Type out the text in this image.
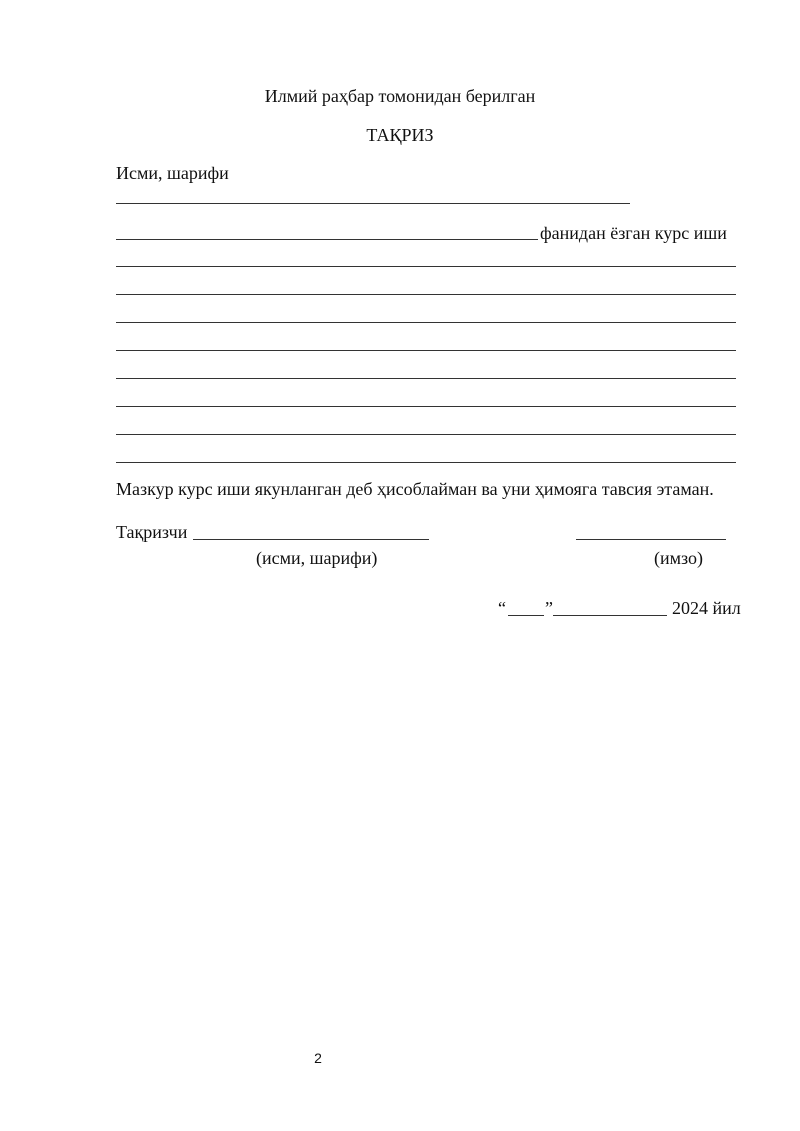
Илмий раҳбар томонидан берилган
ТАҚРИЗ
Исми, шарифи
фанидан ёзган курс иши
Мазкур курс иши якунланган деб ҳисоблайман ва уни ҳимояга тавсия этаман.
Тақризчи
(исми, шарифи)	(имзо)
“ ”	2024 йил
2
